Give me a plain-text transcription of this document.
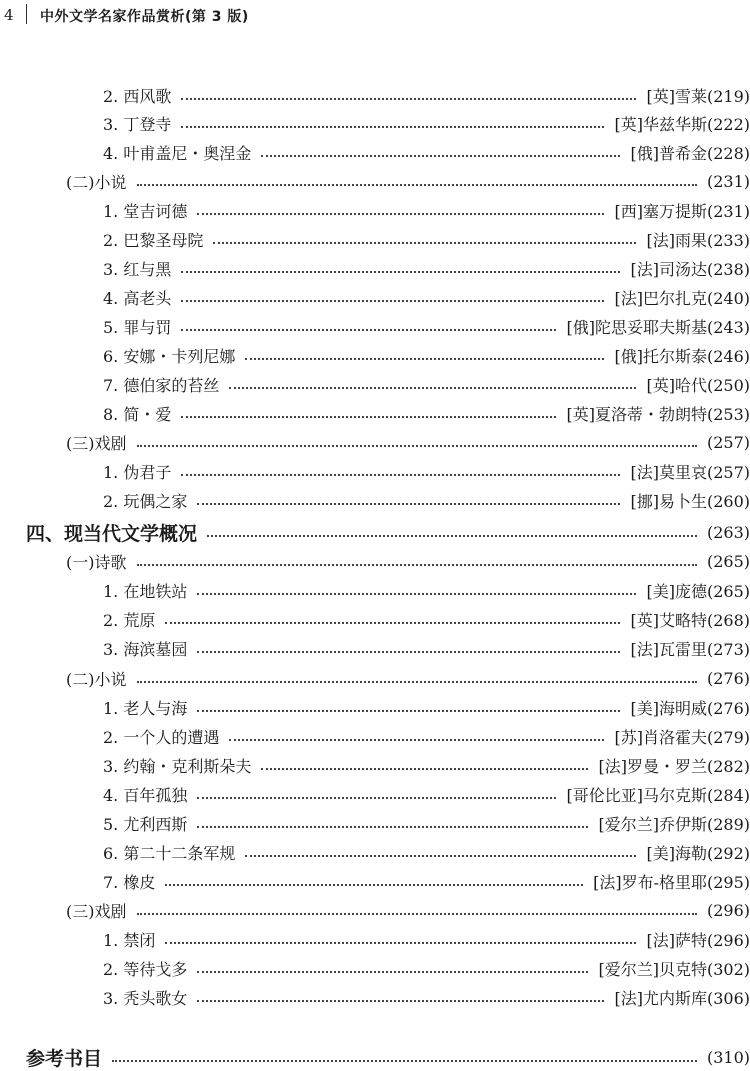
4 中外文学名家作品赏析(第 3 版)
2. 西风歌	[英]雪莱(219)
3. 丁登寺	[英]华兹华斯(222)
4. 叶甫盖尼・奥涅金	[俄]普希金(228)
(二)小说	(231)
1. 堂吉诃德	[西]塞万提斯(231)
2. 巴黎圣母院	[法]雨果(233)
3. 红与黑	[法]司汤达(238)
4. 高老头	[法]巴尔扎克(240)
5. 罪与罚	[俄]陀思妥耶夫斯基(243)
6. 安娜・卡列尼娜	[俄]托尔斯泰(246)
7. 德伯家的苔丝	[英]哈代(250)
8. 简・爱	[英]夏洛蒂・勃朗特(253)
(三)戏剧	(257)
1. 伪君子	[法]莫里哀(257)
2. 玩偶之家	[挪]易卜生(260)
四、现当代文学概况	(263)
(一)诗歌	(265)
1. 在地铁站	[美]庞德(265)
2. 荒原	[英]艾略特(268)
3. 海滨墓园	[法]瓦雷里(273)
(二)小说	(276)
1. 老人与海	[美]海明威(276)
2. 一个人的遭遇	[苏]肖洛霍夫(279)
3. 约翰・克利斯朵夫	[法]罗曼・罗兰(282)
4. 百年孤独	[哥伦比亚]马尔克斯(284)
5. 尤利西斯	[爱尔兰]乔伊斯(289)
6. 第二十二条军规	[美]海勒(292)
7. 橡皮	[法]罗布-格里耶(295)
(三)戏剧	(296)
1. 禁闭	[法]萨特(296)
2. 等待戈多	[爱尔兰]贝克特(302)
3. 秃头歌女	[法]尤内斯库(306)
参考书目	(310)
